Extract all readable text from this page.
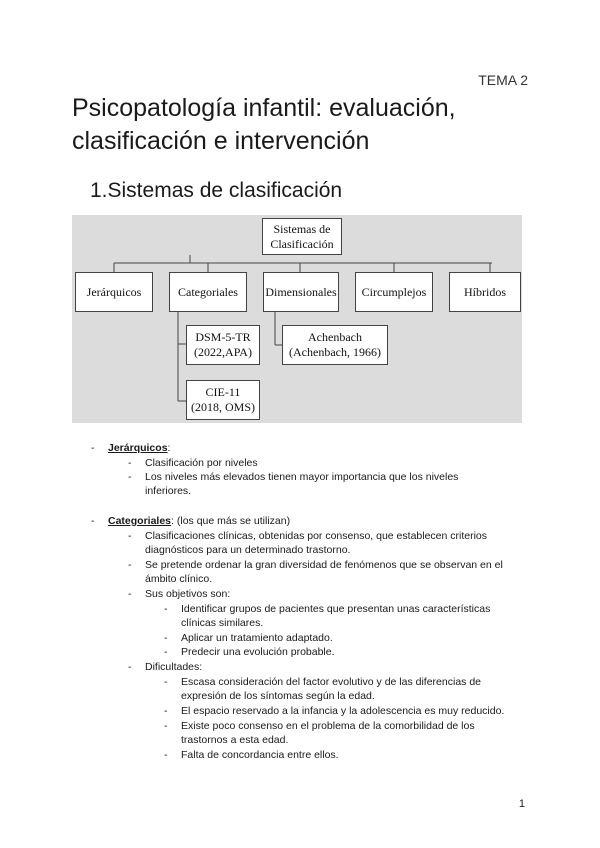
TEMA 2
Psicopatología infantil: evaluación, clasificación e intervención
1.Sistemas de clasificación
Sistemas de
Clasificación
Jerárquicos	Categoriales	Dimensionales	Circumplejos	Híbridos
DSM-5-TR
(2022,APA)
CIE-11
(2018, OMS)
Achenbach
(Achenbach, 1966)
- Jerárquicos:
- Clasificación por niveles
- Los niveles más elevados tienen mayor importancia que los niveles
inferiores.
- Categoriales: (los que más se utilizan)
- Clasificaciones clínicas, obtenidas por consenso, que establecen criterios
diagnósticos para un determinado trastorno.
- Se pretende ordenar la gran diversidad de fenómenos que se observan en el
ámbito clínico.
- Sus objetivos son:
- Identificar grupos de pacientes que presentan unas características
clínicas similares.
- Aplicar un tratamiento adaptado.
- Predecir una evolución probable.
- Dificultades:
- Escasa consideración del factor evolutivo y de las diferencias de
expresión de los síntomas según la edad.
- El espacio reservado a la infancia y la adolescencia es muy reducido.
- Existe poco consenso en el problema de la comorbilidad de los
trastornos a esta edad.
- Falta de concordancia entre ellos.
1
